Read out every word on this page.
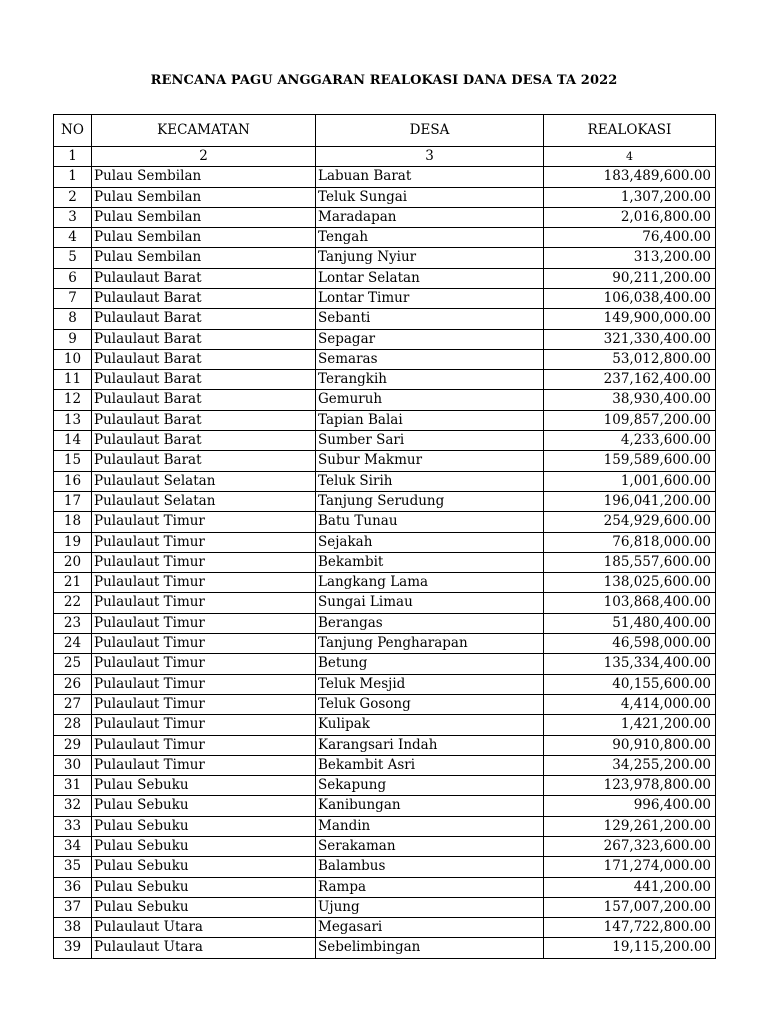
RENCANA PAGU ANGGARAN REALOKASI DANA DESA TA 2022
NO	KECAMATAN	DESA	REALOKASI
1	2	3	4
1	Pulau Sembilan	Labuan Barat	183,489,600.00
2	Pulau Sembilan	Teluk Sungai	1,307,200.00
3	Pulau Sembilan	Maradapan	2,016,800.00
4	Pulau Sembilan	Tengah	76,400.00
5	Pulau Sembilan	Tanjung Nyiur	313,200.00
6	Pulaulaut Barat	Lontar Selatan	90,211,200.00
7	Pulaulaut Barat	Lontar Timur	106,038,400.00
8	Pulaulaut Barat	Sebanti	149,900,000.00
9	Pulaulaut Barat	Sepagar	321,330,400.00
10	Pulaulaut Barat	Semaras	53,012,800.00
11	Pulaulaut Barat	Terangkih	237,162,400.00
12	Pulaulaut Barat	Gemuruh	38,930,400.00
13	Pulaulaut Barat	Tapian Balai	109,857,200.00
14	Pulaulaut Barat	Sumber Sari	4,233,600.00
15	Pulaulaut Barat	Subur Makmur	159,589,600.00
16	Pulaulaut Selatan	Teluk Sirih	1,001,600.00
17	Pulaulaut Selatan	Tanjung Serudung	196,041,200.00
18	Pulaulaut Timur	Batu Tunau	254,929,600.00
19	Pulaulaut Timur	Sejakah	76,818,000.00
20	Pulaulaut Timur	Bekambit	185,557,600.00
21	Pulaulaut Timur	Langkang Lama	138,025,600.00
22	Pulaulaut Timur	Sungai Limau	103,868,400.00
23	Pulaulaut Timur	Berangas	51,480,400.00
24	Pulaulaut Timur	Tanjung Pengharapan	46,598,000.00
25	Pulaulaut Timur	Betung	135,334,400.00
26	Pulaulaut Timur	Teluk Mesjid	40,155,600.00
27	Pulaulaut Timur	Teluk Gosong	4,414,000.00
28	Pulaulaut Timur	Kulipak	1,421,200.00
29	Pulaulaut Timur	Karangsari Indah	90,910,800.00
30	Pulaulaut Timur	Bekambit Asri	34,255,200.00
31	Pulau Sebuku	Sekapung	123,978,800.00
32	Pulau Sebuku	Kanibungan	996,400.00
33	Pulau Sebuku	Mandin	129,261,200.00
34	Pulau Sebuku	Serakaman	267,323,600.00
35	Pulau Sebuku	Balambus	171,274,000.00
36	Pulau Sebuku	Rampa	441,200.00
37	Pulau Sebuku	Ujung	157,007,200.00
38	Pulaulaut Utara	Megasari	147,722,800.00
39	Pulaulaut Utara	Sebelimbingan	19,115,200.00
